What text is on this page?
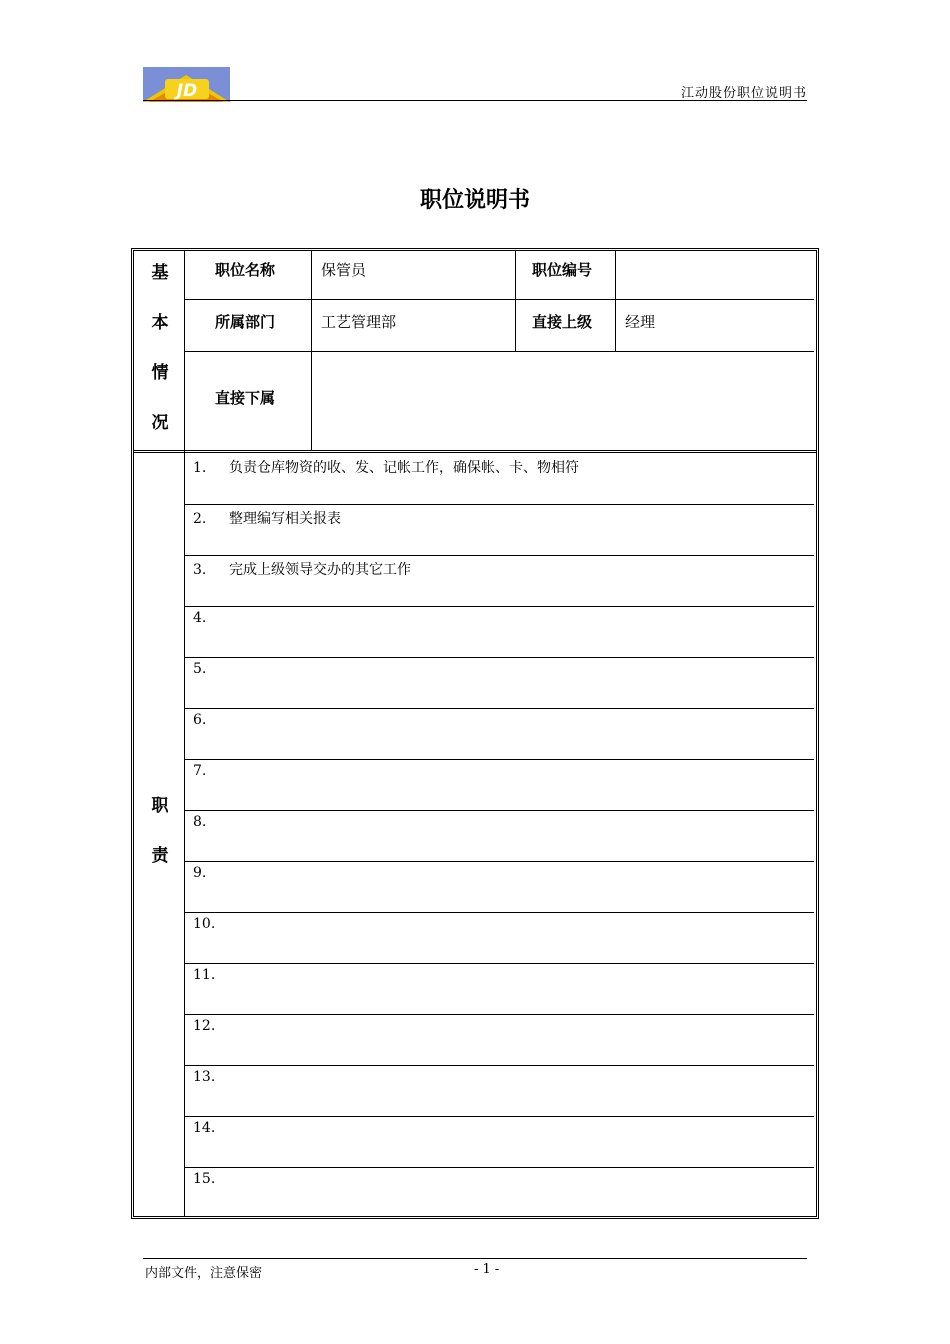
JD	江动股份职位说明书
职位说明书
基
本
情
况
职位名称	保管员	职位编号
所属部门	工艺管理部	直接上级 经理
直接下属
职
责
1. 负责仓库物资的收、发、记帐工作，确保帐、卡、物相符
2. 整理编写相关报表
3. 完成上级领导交办的其它工作
4.
5.
6.
7.
8.
9.
10.
11.
12.
13.
14.
15.
内部文件，注意保密	- 1 -
